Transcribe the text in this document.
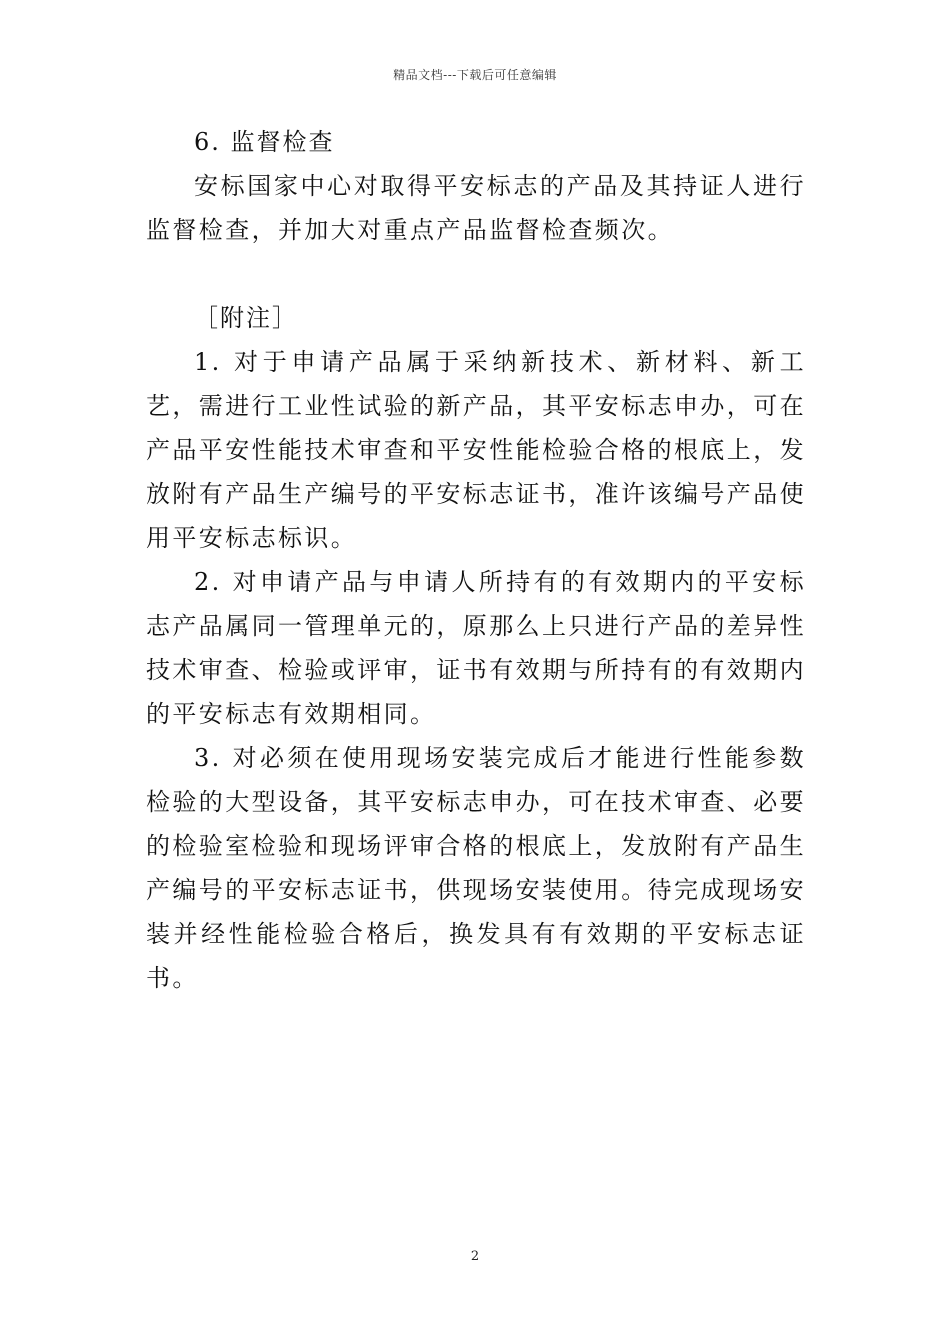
精品文档---下载后可任意编辑

6. 监督检查

安标国家中心对取得平安标志的产品及其持证人进行监督检查，并加大对重点产品监督检查频次。

［附注］

1. 对于申请产品属于采纳新技术、新材料、新工艺，需进行工业性试验的新产品，其平安标志申办，可在产品平安性能技术审查和平安性能检验合格的根底上，发放附有产品生产编号的平安标志证书，准许该编号产品使用平安标志标识。

2. 对申请产品与申请人所持有的有效期内的平安标志产品属同一管理单元的，原那么上只进行产品的差异性技术审查、检验或评审，证书有效期与所持有的有效期内的平安标志有效期相同。

3. 对必须在使用现场安装完成后才能进行性能参数检验的大型设备，其平安标志申办，可在技术审查、必要的检验室检验和现场评审合格的根底上，发放附有产品生产编号的平安标志证书，供现场安装使用。待完成现场安装并经性能检验合格后，换发具有有效期的平安标志证书。

2
